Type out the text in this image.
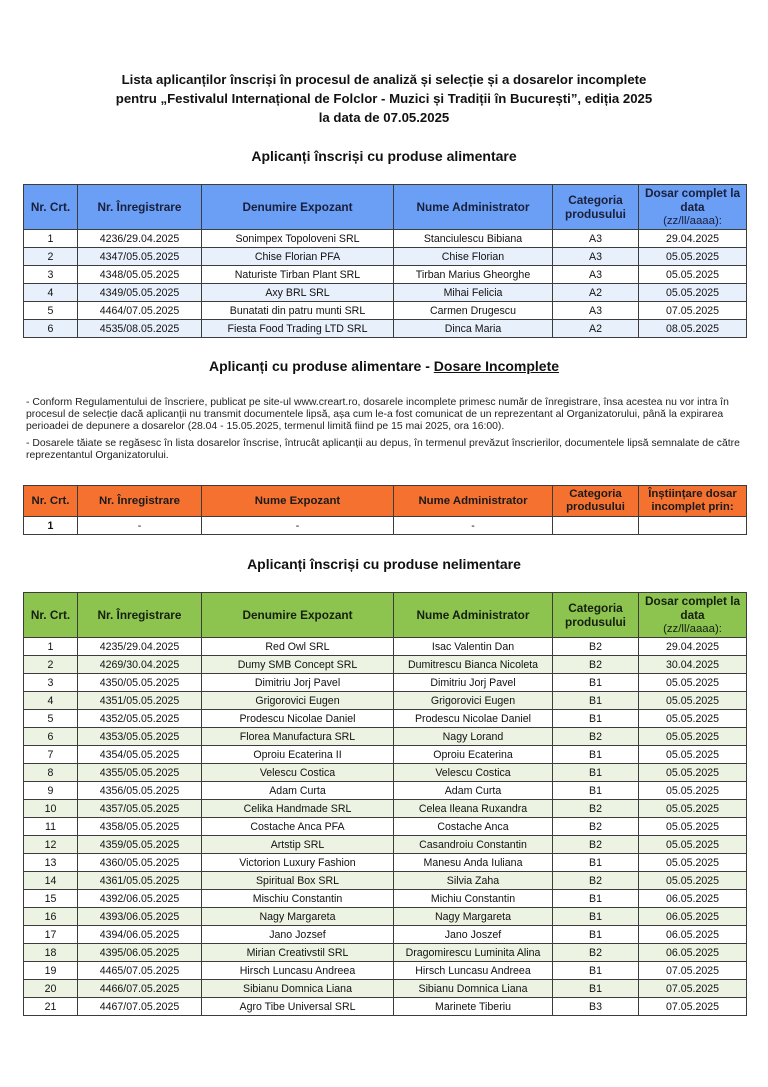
Lista aplicanților înscriși în procesul de analiză și selecție și a dosarelor incomplete
pentru „Festivalul Internațional de Folclor - Muzici și Tradiții în București”, ediția 2025
la data de 07.05.2025
Aplicanți înscriși cu produse alimentare
Nr. Crt.	Nr. Înregistrare	Denumire Expozant	Nume Administrator	Categoria produsului	Dosar complet la data
(zz/ll/aaaa):

1	4236/29.04.2025	Sonimpex Topoloveni SRL	Stanciulescu Bibiana	A3	29.04.2025
2	4347/05.05.2025	Chise Florian PFA	Chise Florian	A3	05.05.2025
3	4348/05.05.2025	Naturiste Tirban Plant SRL	Tirban Marius Gheorghe	A3	05.05.2025
4	4349/05.05.2025	Axy BRL SRL	Mihai Felicia	A2	05.05.2025
5	4464/07.05.2025	Bunatati din patru munti SRL	Carmen Drugescu	A3	07.05.2025
6	4535/08.05.2025	Fiesta Food Trading LTD SRL	Dinca Maria	A2	08.05.2025
Aplicanți cu produse alimentare - Dosare Incomplete

- Conform Regulamentului de înscriere, publicat pe site-ul www.creart.ro, dosarele incomplete primesc număr de înregistrare, însa acestea nu vor intra în procesul de selecție dacă aplicanții nu transmit documentele lipsă, așa cum le-a fost comunicat de un reprezentant al Organizatorului, până la expirarea perioadei de depunere a dosarelor (28.04 - 15.05.2025, termenul limită fiind pe 15 mai 2025, ora 16:00).

- Dosarele tăiate se regăsesc în lista dosarelor înscrise, întrucât aplicanții au depus, în termenul prevăzut înscrierilor, documentele lipsă semnalate de către reprezentantul Organizatorului.

Nr. Crt.	Nr. Înregistrare	Nume Expozant	Nume Administrator	Categoria produsului	Înștiințare dosar incomplet prin:
1	-	-	-		
Aplicanți înscriși cu produse nelimentare
Nr. Crt.	Nr. Înregistrare	Denumire Expozant	Nume Administrator	Categoria produsului	Dosar complet la data
(zz/ll/aaaa):

1	4235/29.04.2025	Red Owl SRL	Isac Valentin Dan	B2	29.04.2025
2	4269/30.04.2025	Dumy SMB Concept SRL	Dumitrescu Bianca Nicoleta	B2	30.04.2025
3	4350/05.05.2025	Dimitriu Jorj Pavel	Dimitriu Jorj Pavel	B1	05.05.2025
4	4351/05.05.2025	Grigorovici Eugen	Grigorovici Eugen	B1	05.05.2025
5	4352/05.05.2025	Prodescu Nicolae Daniel	Prodescu Nicolae Daniel	B1	05.05.2025
6	4353/05.05.2025	Florea Manufactura SRL	Nagy Lorand	B2	05.05.2025
7	4354/05.05.2025	Oproiu Ecaterina II	Oproiu Ecaterina	B1	05.05.2025
8	4355/05.05.2025	Velescu Costica	Velescu Costica	B1	05.05.2025
9	4356/05.05.2025	Adam Curta	Adam Curta	B1	05.05.2025
10	4357/05.05.2025	Celika Handmade SRL	Celea Ileana Ruxandra	B2	05.05.2025
11	4358/05.05.2025	Costache Anca PFA	Costache Anca	B2	05.05.2025
12	4359/05.05.2025	Artstip SRL	Casandroiu Constantin	B2	05.05.2025
13	4360/05.05.2025	Victorion Luxury Fashion	Manesu Anda Iuliana	B1	05.05.2025
14	4361/05.05.2025	Spiritual Box SRL	Silvia Zaha	B2	05.05.2025
15	4392/06.05.2025	Mischiu Constantin	Michiu Constantin	B1	06.05.2025
16	4393/06.05.2025	Nagy Margareta	Nagy Margareta	B1	06.05.2025
17	4394/06.05.2025	Jano Jozsef	Jano Joszef	B1	06.05.2025
18	4395/06.05.2025	Mirian Creativstil SRL	Dragomirescu Luminita Alina	B2	06.05.2025
19	4465/07.05.2025	Hirsch Luncasu Andreea	Hirsch Luncasu Andreea	B1	07.05.2025
20	4466/07.05.2025	Sibianu Domnica Liana	Sibianu Domnica Liana	B1	07.05.2025
21	4467/07.05.2025	Agro Tibe Universal SRL	Marinete Tiberiu	B3	07.05.2025
